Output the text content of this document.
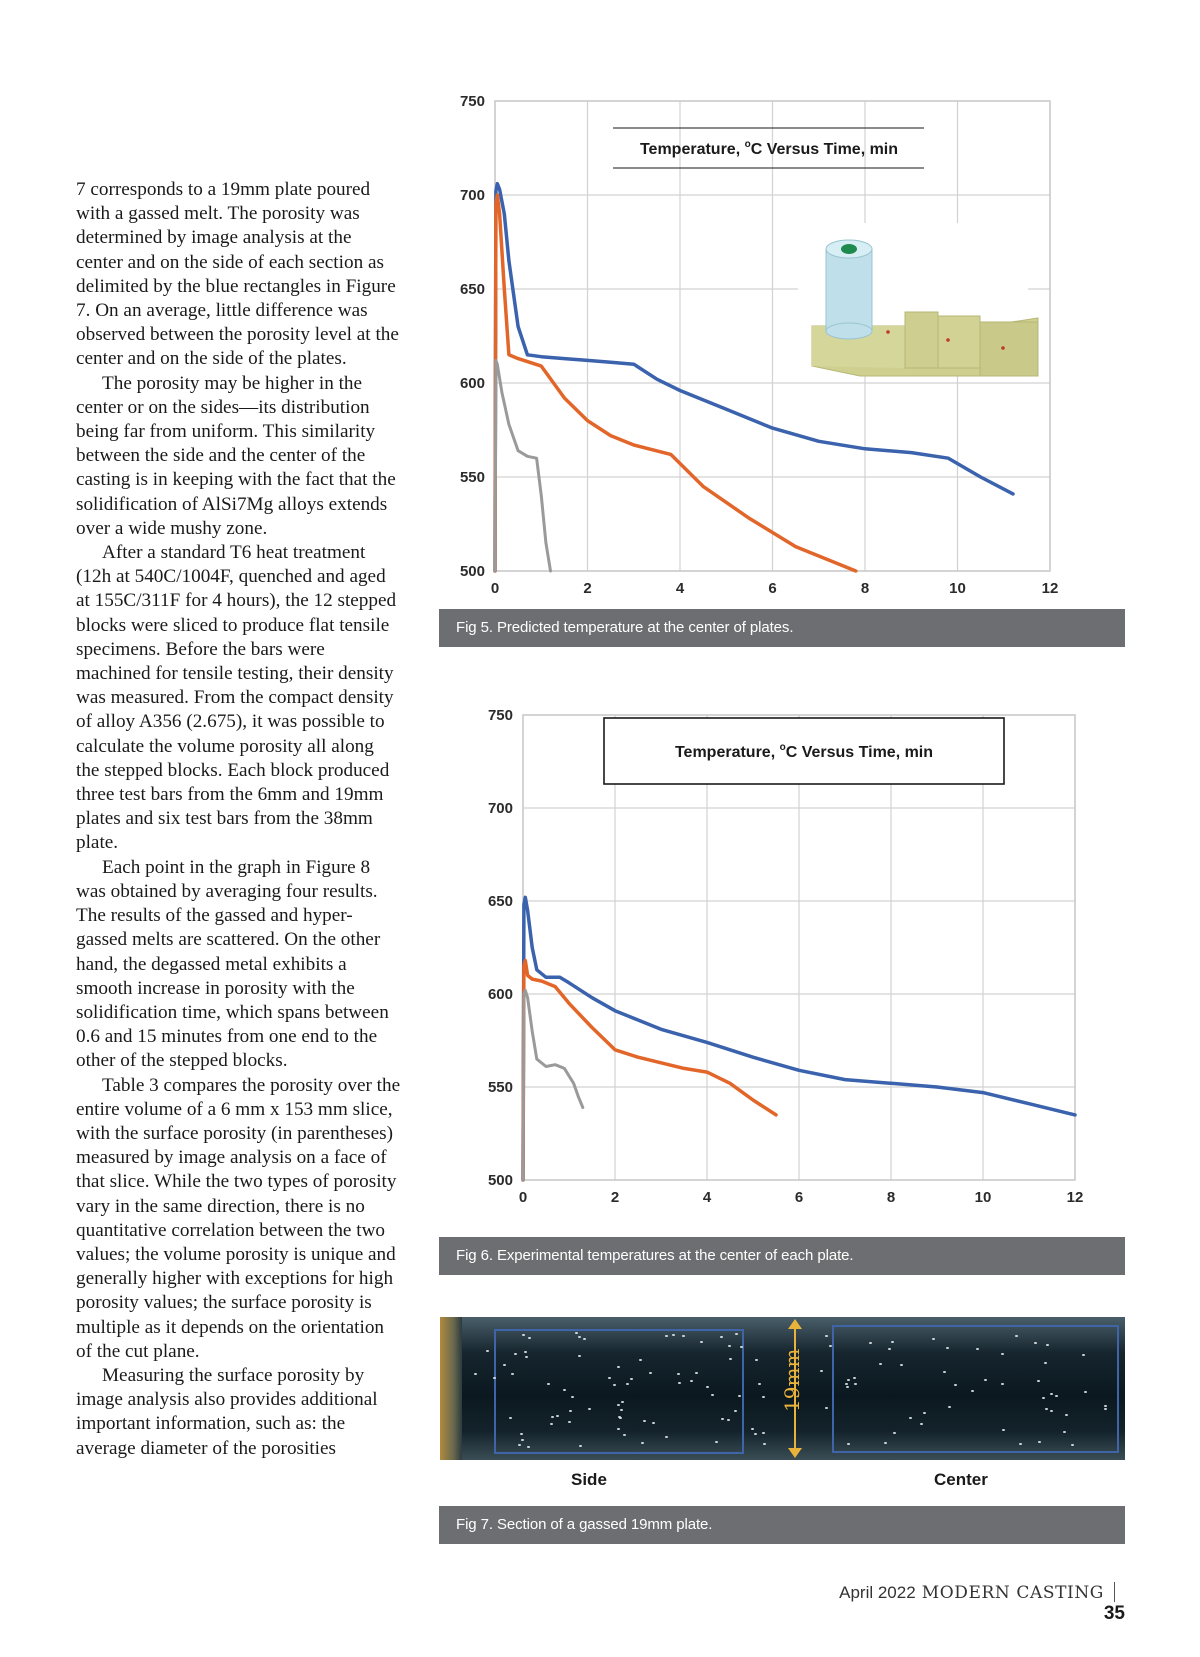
7 corresponds to a 19mm plate poured with a gassed melt. The porosity was determined by image analysis at the center and on the side of each section as delimited by the blue rectangles in Figure 7. On an average, little difference was observed between the porosity level at the center and on the side of the plates.

The porosity may be higher in the center or on the sides—its distribution being far from uniform. This similarity between the side and the center of the casting is in keeping with the fact that the solidification of AlSi7Mg alloys extends over a wide mushy zone.

After a standard T6 heat treatment (12h at 540C/1004F, quenched and aged at 155C/311F for 4 hours), the 12 stepped blocks were sliced to produce flat tensile specimens. Before the bars were machined for tensile testing, their density was measured. From the compact density of alloy A356 (2.675), it was possible to calculate the volume porosity all along the stepped blocks. Each block produced three test bars from the 6mm and 19mm plates and six test bars from the 38mm plate.

Each point in the graph in Figure 8 was obtained by averaging four results. The results of the gassed and hyper-gassed melts are scattered. On the other hand, the degassed metal exhibits a smooth increase in porosity with the solidification time, which spans between 0.6 and 15 minutes from one end to the other of the stepped blocks.

Table 3 compares the porosity over the entire volume of a 6 mm x 153 mm slice, with the surface porosity (in parentheses) measured by image analysis on a face of that slice. While the two types of porosity vary in the same direction, there is no quantitative correlation between the two values; the volume porosity is unique and generally higher with exceptions for high porosity values; the surface porosity is multiple as it depends on the orientation of the cut plane.

Measuring the surface porosity by image analysis also provides additional important information, such as: the average diameter of the porosities

Temperature, $^o$C Versus Time, min
0	2	4	6	8	10	12
500
550
600
650
700
750
Fig 5. Predicted temperature at the center of plates.
Temperature, $^o$C Versus Time, min
0	2	4	6	8	10	12
500
550
600
650
700
750
Fig 6. Experimental temperatures at the center of each plate.
19mm
Side	Center
Fig 7. Section of a gassed 19mm plate.
April 2022 MODERN CASTING35
